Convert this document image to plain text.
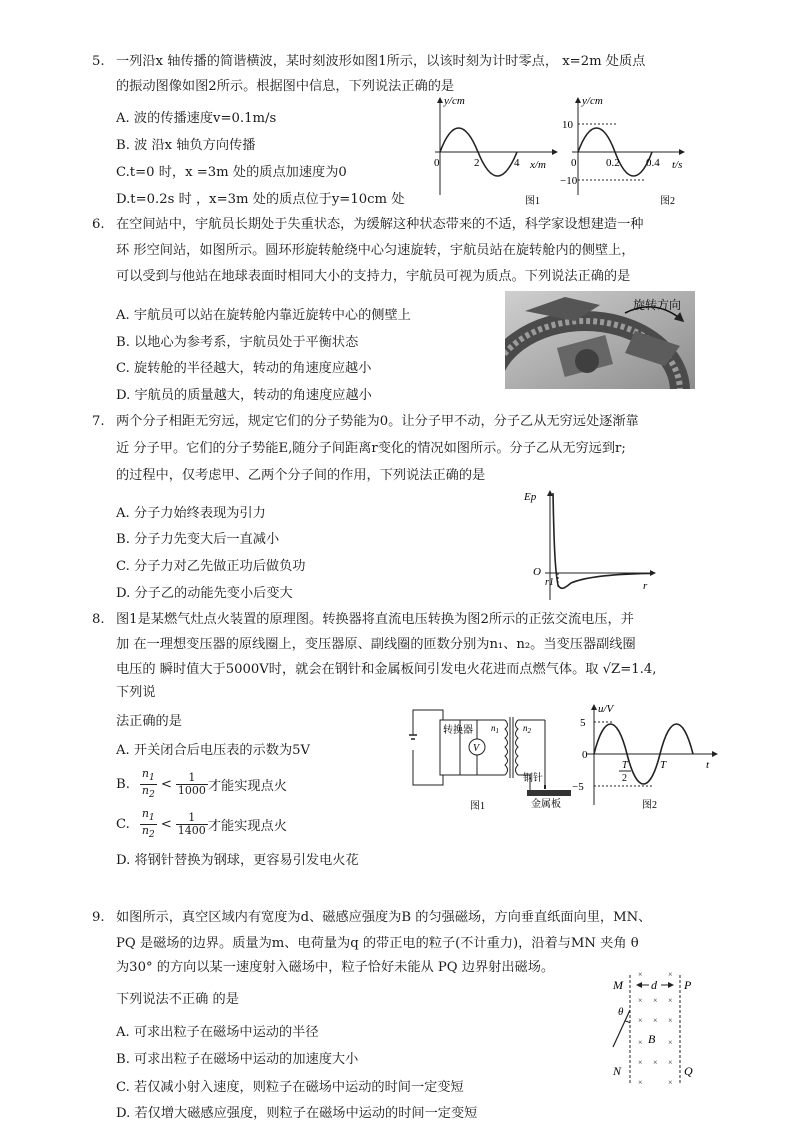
5. 一列沿x 轴传播的简谐横波，某时刻波形如图1所示，以该时刻为计时零点， x=2m 处质点
的振动图像如图2所示。根据图中信息，下列说法正确的是
A. 波的传播速度v=0.1m/s
B. 波 沿x 轴负方向传播
C.t=0 时，x =3m 处的质点加速度为0
D.t=0.2s 时 ，x=3m 处的质点位于y=10cm 处
y/cm
x/m
0	2	4
图1
y/cm
t/s
10
−10
0	0.2 0.4
图2
6. 在空间站中，宇航员长期处于失重状态，为缓解这种状态带来的不适，科学家设想建造一种
环 形空间站，如图所示。圆环形旋转舱绕中心匀速旋转，宇航员站在旋转舱内的侧壁上，
可以受到与他站在地球表面时相同大小的支持力，宇航员可视为质点。下列说法正确的是
A. 宇航员可以站在旋转舱内靠近旋转中心的侧壁上
B. 以地心为参考系，宇航员处于平衡状态
C. 旋转舱的半径越大，转动的角速度应越小
D. 宇航员的质量越大，转动的角速度应越小
旋转方向
7. 两个分子相距无穷远，规定它们的分子势能为0。让分子甲不动，分子乙从无穷远处逐渐靠
近 分子甲。它们的分子势能E,随分子间距离r变化的情况如图所示。分子乙从无穷远到r;
的过程中，仅考虑甲、乙两个分子间的作用，下列说法正确的是
A. 分子力始终表现为引力
B. 分子力先变大后一直减小
C. 分子力对乙先做正功后做负功
D. 分子乙的动能先变小后变大
Ep
r
O
r1
8. 图1是某燃气灶点火装置的原理图。转换器将直流电压转换为图2所示的正弦交流电压，并
加 在一理想变压器的原线圈上，变压器原、副线圈的匝数分别为n₁、n₂。当变压器副线圈
电压的 瞬时值大于5000V时，就会在钢针和金属板间引发电火花进而点燃气体。取 √Z=1.4,
下列说
法正确的是
A. 开关闭合后电压表的示数为5V
B. $\frac{n_1}{n_2} < \frac{1}{1000}$ 才能实现点火
C. $\frac{n_1}{n_2} < \frac{1}{1400}$ 才能实现点火
D. 将钢针替换为钢球，更容易引发电火花
转换器
V
$n_1$	$n_2$
钢针
金属板
图1
u/V
t
5
0
−5
T
2
T
图2
9. 如图所示，真空区域内有宽度为d、磁感应强度为B 的匀强磁场，方向垂直纸面向里，MN、
PQ 是磁场的边界。质量为m、电荷量为q 的带正电的粒子(不计重力)，沿着与MN 夹角 θ
为30° 的方向以某一速度射入磁场中，粒子恰好未能从 PQ 边界射出磁场。
下列说法不正确 的是
A. 可求出粒子在磁场中运动的半径
B. 可求出粒子在磁场中运动的加速度大小
C. 若仅减小射入速度，则粒子在磁场中运动的时间一定变短
D. 若仅增大磁感应强度，则粒子在磁场中运动的时间一定变短
×	×
× × ×
× × ×
×	×
× × ×
×	×
M d P
θ
B
N	Q
